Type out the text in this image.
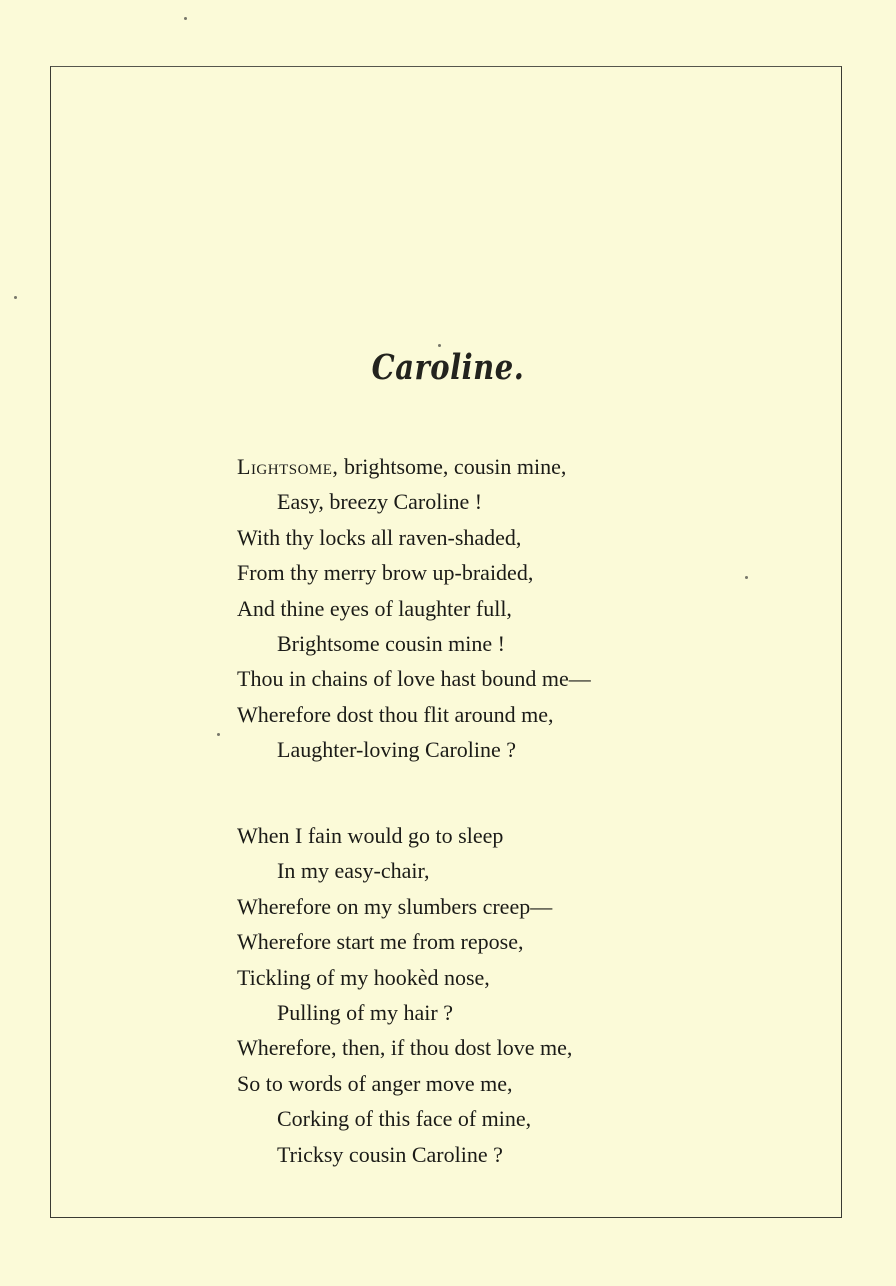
Caroline.
Lightsome, brightsome, cousin mine,
Easy, breezy Caroline !
With thy locks all raven-shaded,
From thy merry brow up-braided,
And thine eyes of laughter full,
Brightsome cousin mine !
Thou in chains of love hast bound me—
Wherefore dost thou flit around me,
Laughter-loving Caroline ?
When I fain would go to sleep
In my easy-chair,
Wherefore on my slumbers creep—
Wherefore start me from repose,
Tickling of my hookèd nose,
Pulling of my hair ?
Wherefore, then, if thou dost love me,
So to words of anger move me,
Corking of this face of mine,
Tricksy cousin Caroline ?
